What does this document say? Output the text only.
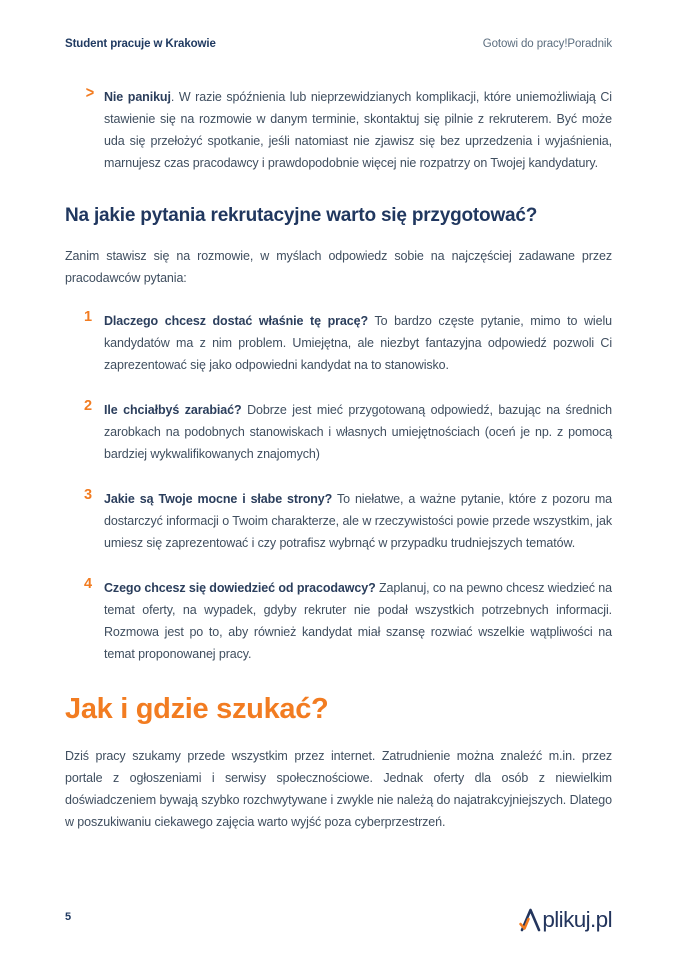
Student pracuje w Krakowie	Gotowi do pracy!Poradnik
> Nie panikuj. W razie spóźnienia lub nieprzewidzianych komplikacji, które uniemożliwiają Ci stawienie się na rozmowie w danym terminie, skontaktuj się pilnie z rekruterem. Być może uda się przełożyć spotkanie, jeśli natomiast nie zjawisz się bez uprzedzenia i wyjaśnienia, marnujesz czas pracodawcy i prawdopodobnie więcej nie rozpatrzy on Twojej kandydatury.

Na jakie pytania rekrutacyjne warto się przygotować?

Zanim stawisz się na rozmowie, w myślach odpowiedz sobie na najczęściej zadawane przez pracodawców pytania:

1 Dlaczego chcesz dostać właśnie tę pracę? To bardzo częste pytanie, mimo to wielu kandydatów ma z nim problem. Umiejętna, ale niezbyt fantazyjna odpowiedź pozwoli Ci zaprezentować się jako odpowiedni kandydat na to stanowisko.

2 Ile chciałbyś zarabiać? Dobrze jest mieć przygotowaną odpowiedź, bazując na średnich zarobkach na podobnych stanowiskach i własnych umiejętnościach (oceń je np. z pomocą bardziej wykwalifikowanych znajomych)

3 Jakie są Twoje mocne i słabe strony? To niełatwe, a ważne pytanie, które z pozoru ma dostarczyć informacji o Twoim charakterze, ale w rzeczywistości powie przede wszystkim, jak umiesz się zaprezentować i czy potrafisz wybrnąć w przypadku trudniejszych tematów.

4 Czego chcesz się dowiedzieć od pracodawcy? Zaplanuj, co na pewno chcesz wiedzieć na temat oferty, na wypadek, gdyby rekruter nie podał wszystkich potrzebnych informacji. Rozmowa jest po to, aby również kandydat miał szansę rozwiać wszelkie wątpliwości na temat proponowanej pracy.

Jak i gdzie szukać?

Dziś pracy szukamy przede wszystkim przez internet. Zatrudnienie można znaleźć m.in. przez portale z ogłoszeniami i serwisy społecznościowe. Jednak oferty dla osób z niewielkim doświadczeniem bywają szybko rozchwytywane i zwykle nie należą do najatrakcyjniejszych. Dlatego w poszukiwaniu ciekawego zajęcia warto wyjść poza cyberprzestrzeń.

5	plikuj.pl
